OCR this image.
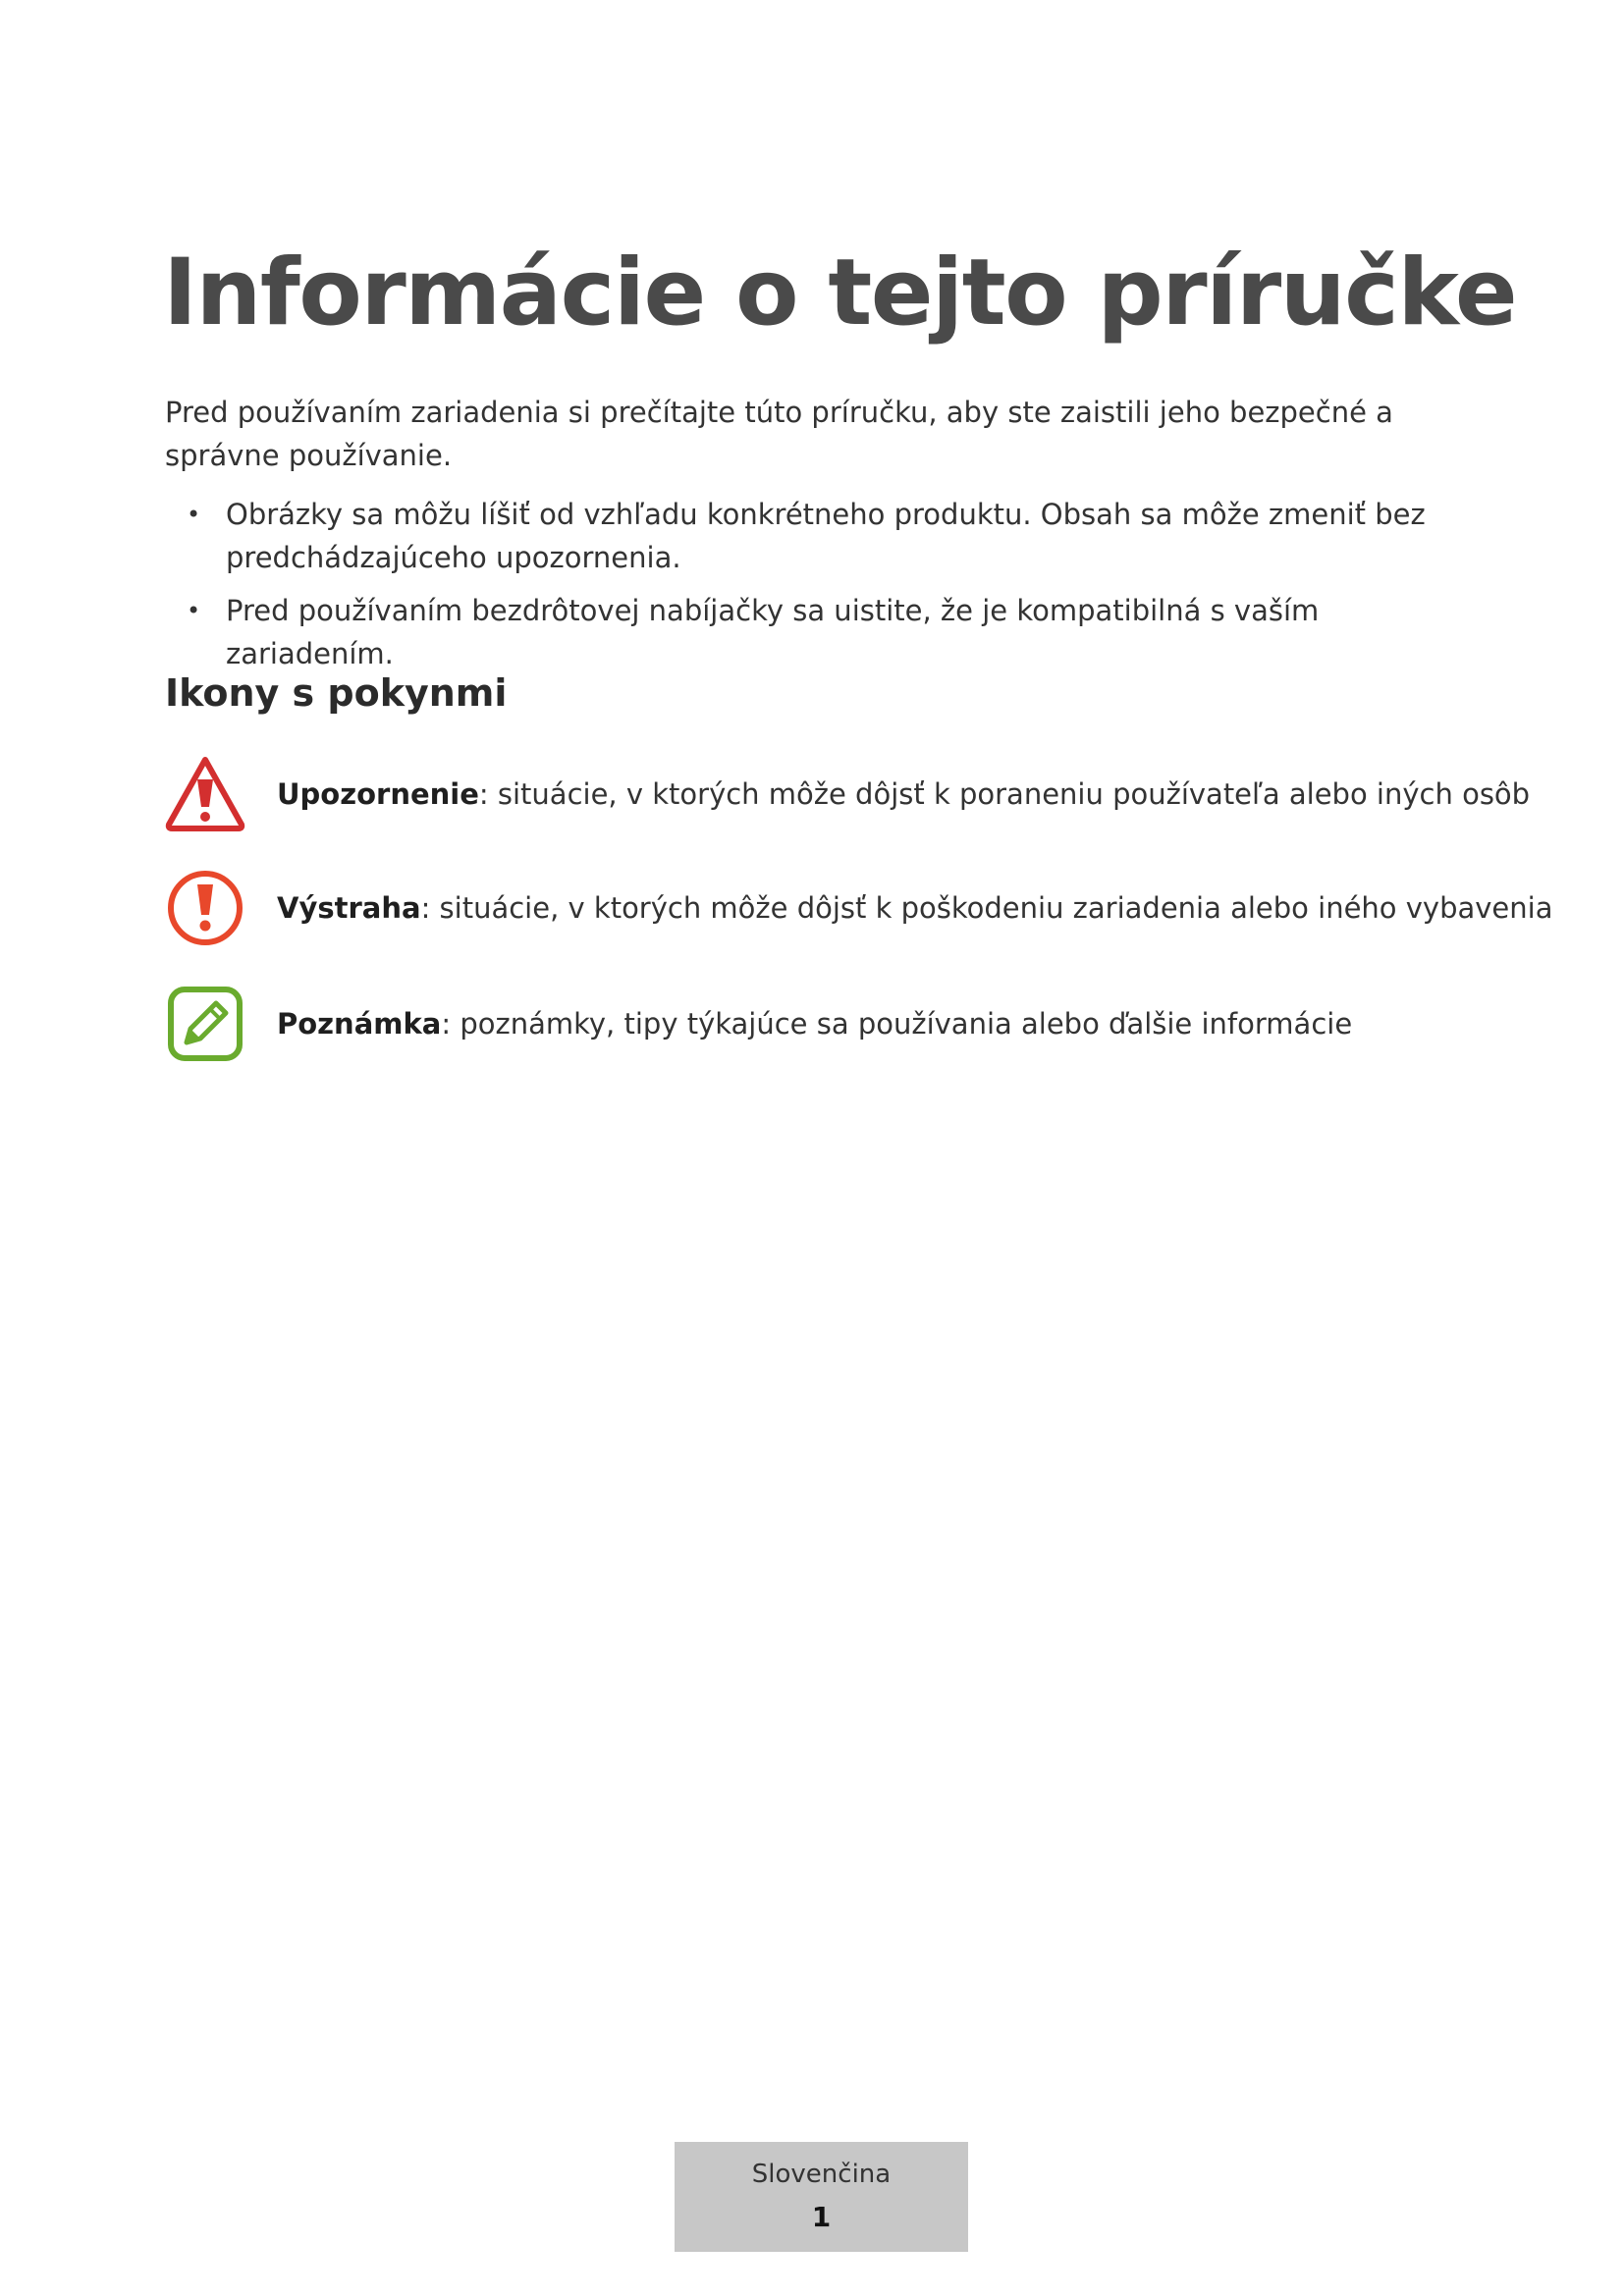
Informácie o tejto príručke

Pred používaním zariadenia si prečítajte túto príručku, aby ste zaistili jeho bezpečné a správne používanie.

• Obrázky sa môžu líšiť od vzhľadu konkrétneho produktu. Obsah sa môže zmeniť bez predchádzajúceho upozornenia.
• Pred používaním bezdrôtovej nabíjačky sa uistite, že je kompatibilná s vaším zariadením.
Ikony s pokynmi
Upozornenie: situácie, v ktorých môže dôjsť k poraneniu používateľa alebo iných osôb
Výstraha: situácie, v ktorých môže dôjsť k poškodeniu zariadenia alebo iného vybavenia
Poznámka: poznámky, tipy týkajúce sa používania alebo ďalšie informácie
Slovenčina
1
